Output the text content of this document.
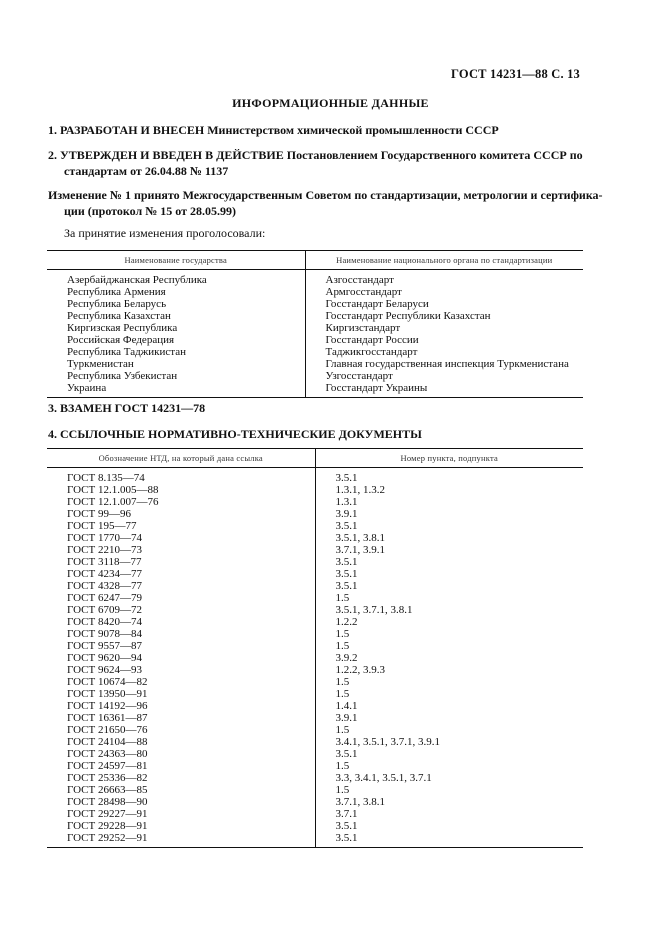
ГОСТ 14231—88 С. 13
ИНФОРМАЦИОННЫЕ ДАННЫЕ
1. РАЗРАБОТАН И ВНЕСЕН Министерством химической промышленности СССР
2. УТВЕРЖДЕН И ВВЕДЕН В ДЕЙСТВИЕ Постановлением Государственного комитета СССР по
стандартам от 26.04.88 № 1137
Изменение № 1 принято Межгосударственным Советом по стандартизации, метрологии и сертифика-
ции (протокол № 15 от 28.05.99)
За принятие изменения проголосовали:
Наименование государства	Наименование национального органа по стандартизации
Азербайджанская Республика	Азгосстандарт
Республика Армения	Армгосстандарт
Республика Беларусь	Госстандарт Беларуси
Республика Казахстан	Госстандарт Республики Казахстан
Киргизская Республика	Киргизстандарт
Российская Федерация	Госстандарт России
Республика Таджикистан	Таджикгосстандарт
Туркменистан	Главная государственная инспекция Туркменистана
Республика Узбекистан	Узгосстандарт
Украина	Госстандарт Украины
3. ВЗАМЕН ГОСТ 14231—78
4. ССЫЛОЧНЫЕ НОРМАТИВНО-ТЕХНИЧЕСКИЕ ДОКУМЕНТЫ
Обозначение НТД, на который дана ссылка	Номер пункта, подпункта
ГОСТ 8.135—74	3.5.1
ГОСТ 12.1.005—88	1.3.1, 1.3.2
ГОСТ 12.1.007—76	1.3.1
ГОСТ 99—96	3.9.1
ГОСТ 195—77	3.5.1
ГОСТ 1770—74	3.5.1, 3.8.1
ГОСТ 2210—73	3.7.1, 3.9.1
ГОСТ 3118—77	3.5.1
ГОСТ 4234—77	3.5.1
ГОСТ 4328—77	3.5.1
ГОСТ 6247—79	1.5
ГОСТ 6709—72	3.5.1, 3.7.1, 3.8.1
ГОСТ 8420—74	1.2.2
ГОСТ 9078—84	1.5
ГОСТ 9557—87	1.5
ГОСТ 9620—94	3.9.2
ГОСТ 9624—93	1.2.2, 3.9.3
ГОСТ 10674—82	1.5
ГОСТ 13950—91	1.5
ГОСТ 14192—96	1.4.1
ГОСТ 16361—87	3.9.1
ГОСТ 21650—76	1.5
ГОСТ 24104—88	3.4.1, 3.5.1, 3.7.1, 3.9.1
ГОСТ 24363—80	3.5.1
ГОСТ 24597—81	1.5
ГОСТ 25336—82	3.3, 3.4.1, 3.5.1, 3.7.1
ГОСТ 26663—85	1.5
ГОСТ 28498—90	3.7.1, 3.8.1
ГОСТ 29227—91	3.7.1
ГОСТ 29228—91	3.5.1
ГОСТ 29252—91	3.5.1
